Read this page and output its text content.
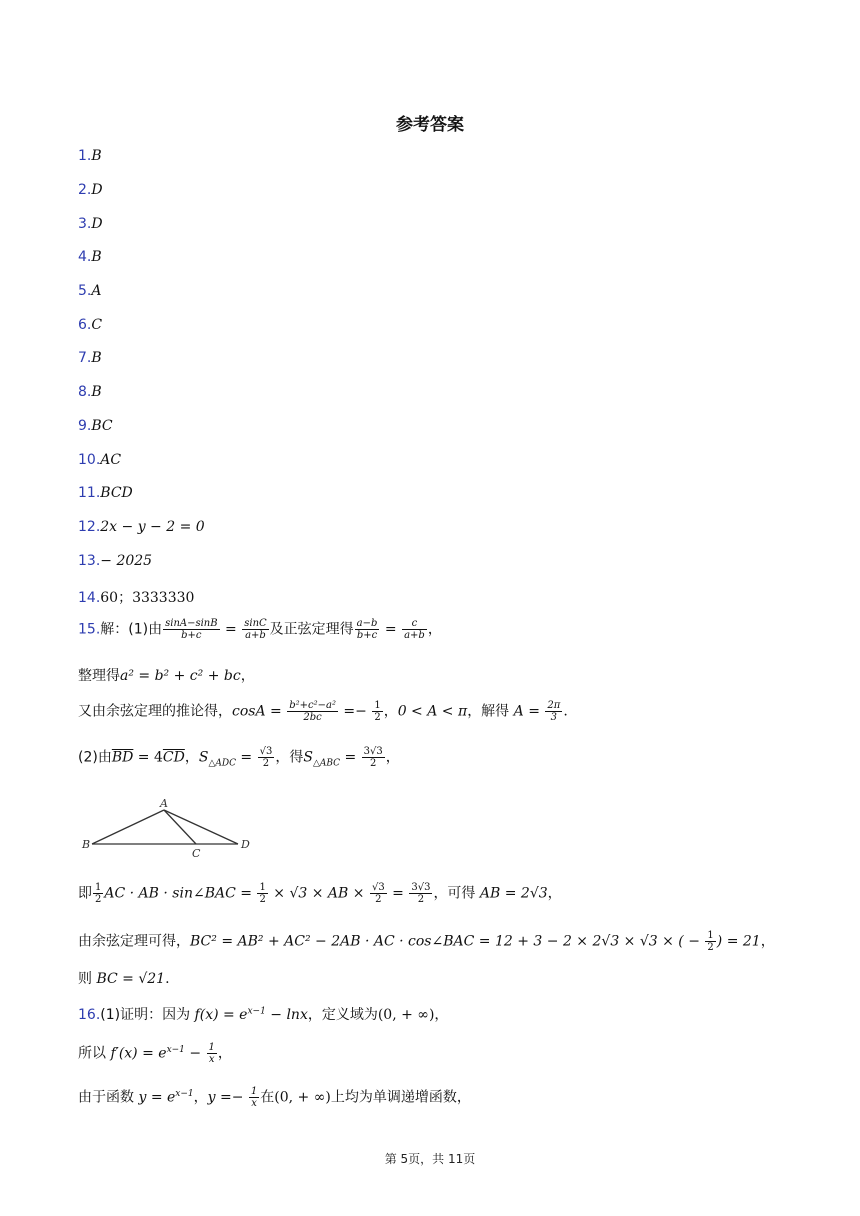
参考答案
1.B
2.D
3.D
4.B
5.A
6.C
7.B
8.B
9.BC
10.AC
11.BCD
12.2x − y − 2 = 0
13.− 2025
14.60；3333330
15.解：(1)由 $\frac{\sin A-\sin B}{b+c} = \frac{\sin C}{a+b}$ 及正弦定理得 $\frac{a-b}{b+c} = \frac{c}{a+b}$ ，
整理得a² = b² + c² + bc，
又由余弦定理的推论得，$\cos A = \frac{\text{b²+c²−a²}}{2bc} =- \frac{1}{2}$ ，0 < A < π，解得 $A = \frac{2\pi}{3}$ .
(2)由$\overline{BD} = 4\overline{CD}$，$S_{\triangle ADC} = \frac{√3}{2}$ ，得$S_{\triangle ABC} = \frac{3√3}{2}$ ，
A
B
C
D
即 $\frac{1}{2}$ AC · AB · sin∠BAC = $\frac{1}{2} \times √3$ × AB × $\frac{√3}{2} = \frac{3√3}{2}$ ，可得 AB = 2√3，
由余弦定理可得，BC² = AB² + AC² − 2AB · AC · cos∠BAC = 12 + 3 − 2 × 2√3 × √3 × ( − $\frac{1}{2}$ ) = 21，
则 BC = √21.
16.(1)证明：因为 $f(x) = e^{x-1} - \ln x$，定义域为(0, + ∞)，
所以 $f'(x) = e^{x-1} - \frac{1}{x}$ ，
由于函数 $y = e^{x-1}$，$y =- \frac{1}{x}$ 在(0, + ∞)上均为单调递增函数，
第 5页，共 11页
